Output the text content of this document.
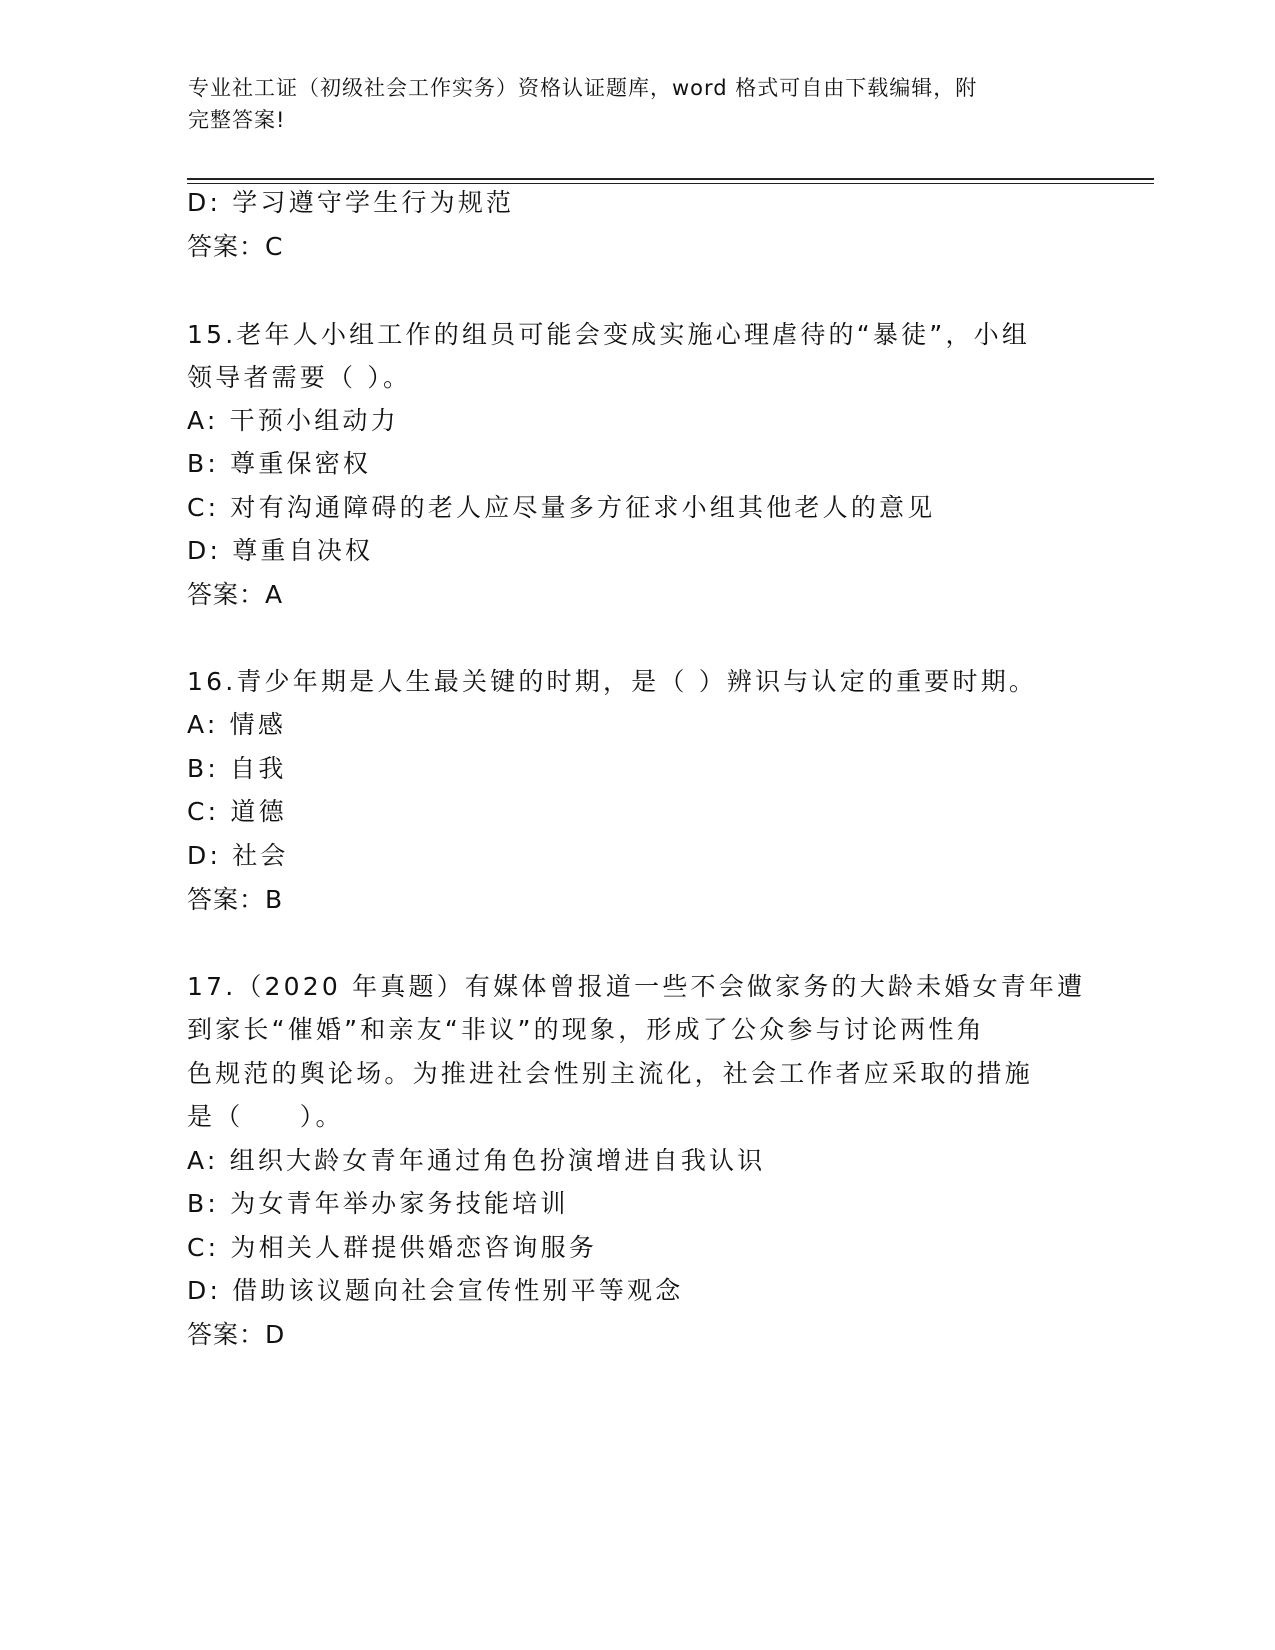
专业社工证（初级社会工作实务）资格认证题库，word 格式可自由下载编辑，附
完整答案!
D: 学习遵守学生行为规范
答案：C
15.老年人小组工作的组员可能会变成实施心理虐待的“暴徒”，小组
领导者需要（ ）。
A: 干预小组动力
B: 尊重保密权
C: 对有沟通障碍的老人应尽量多方征求小组其他老人的意见
D: 尊重自决权
答案：A
16.青少年期是人生最关键的时期，是（ ）辨识与认定的重要时期。
A: 情感
B: 自我
C: 道德
D: 社会
答案：B
17.（2020 年真题）有媒体曾报道一些不会做家务的大龄未婚女青年遭
到家长“催婚”和亲友“非议”的现象，形成了公众参与讨论两性角
色规范的舆论场。为推进社会性别主流化，社会工作者应采取的措施
是（　　）。
A: 组织大龄女青年通过角色扮演增进自我认识
B: 为女青年举办家务技能培训
C: 为相关人群提供婚恋咨询服务
D: 借助该议题向社会宣传性别平等观念
答案：D
